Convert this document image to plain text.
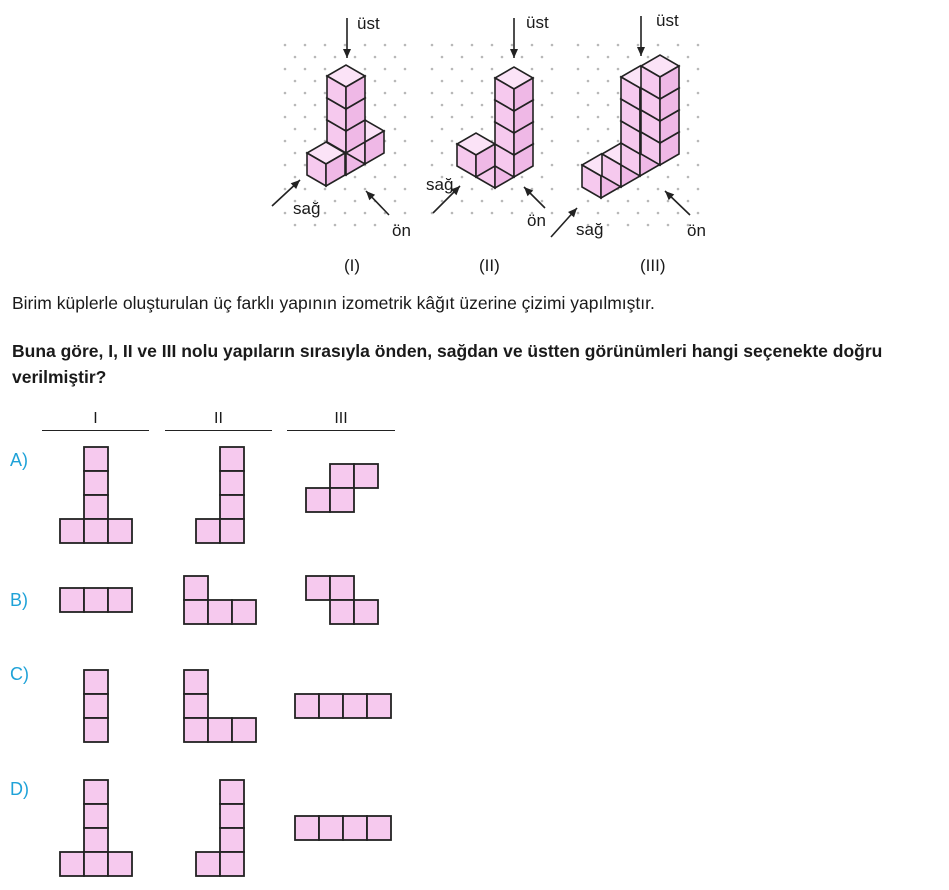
üst	üst	üst
sağ
sağ
sağ
ön
ön
ön
(I)	(II)	(III)

Birim küplerle oluşturulan üç farklı yapının izometrik kâğıt üzerine çizimi yapılmıştır.

Buna göre, I, II ve III nolu yapıların sırasıyla önden, sağdan ve üstten görünümleri hangi seçenekte doğru verilmiştir?

I	II	III
A)
B)
C)
D)
